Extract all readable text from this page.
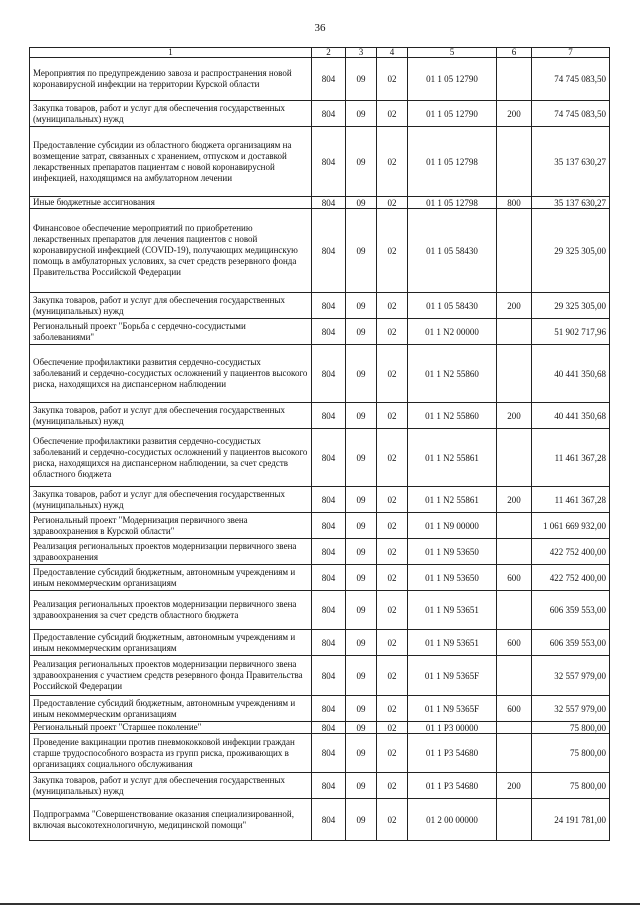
36
1	2	3	4	5	6	7
Мероприятия по предупреждению завоза и распространения новой коронавирусной инфекции на территории Курской области	804	09	02	01 1 05 12790		74 745 083,50
Закупка товаров, работ и услуг для обеспечения государственных (муниципальных) нужд	804	09	02	01 1 05 12790	200	74 745 083,50
Предоставление субсидии из областного бюджета организациям на возмещение затрат, связанных с хранением, отпуском и доставкой лекарственных препаратов пациентам с новой коронавирусной инфекцией, находящимся на амбулаторном лечении	804	09	02	01 1 05 12798		35 137 630,27
Иные бюджетные ассигнования	804	09	02	01 1 05 12798	800	35 137 630,27
Финансовое обеспечение мероприятий по приобретению лекарственных препаратов для лечения пациентов с новой коронавирусной инфекцией (COVID-19), получающих медицинскую помощь в амбулаторных условиях, за счет средств резервного фонда Правительства Российской Федерации	804	09	02	01 1 05 58430		29 325 305,00
Закупка товаров, работ и услуг для обеспечения государственных (муниципальных) нужд	804	09	02	01 1 05 58430	200	29 325 305,00
Региональный проект "Борьба с сердечно-сосудистыми заболеваниями"	804	09	02	01 1 N2 00000		51 902 717,96
Обеспечение профилактики развития сердечно-сосудистых заболеваний и сердечно-сосудистых осложнений у пациентов высокого риска, находящихся на диспансерном наблюдении	804	09	02	01 1 N2 55860		40 441 350,68
Закупка товаров, работ и услуг для обеспечения государственных (муниципальных) нужд	804	09	02	01 1 N2 55860	200	40 441 350,68
Обеспечение профилактики развития сердечно-сосудистых заболеваний и сердечно-сосудистых осложнений у пациентов высокого риска, находящихся на диспансерном наблюдении, за счет средств областного бюджета	804	09	02	01 1 N2 55861		11 461 367,28
Закупка товаров, работ и услуг для обеспечения государственных (муниципальных) нужд	804	09	02	01 1 N2 55861	200	11 461 367,28
Региональный проект "Модернизация первичного звена здравоохранения в Курской области"	804	09	02	01 1 N9 00000		1 061 669 932,00
Реализация региональных проектов модернизации первичного звена здравоохранения	804	09	02	01 1 N9 53650		422 752 400,00
Предоставление субсидий бюджетным, автономным учреждениям и иным некоммерческим организациям	804	09	02	01 1 N9 53650	600	422 752 400,00
Реализация региональных проектов модернизации первичного звена здравоохранения за счет средств областного бюджета	804	09	02	01 1 N9 53651		606 359 553,00
Предоставление субсидий бюджетным, автономным учреждениям и иным некоммерческим организациям	804	09	02	01 1 N9 53651	600	606 359 553,00
Реализация региональных проектов модернизации первичного звена здравоохранения с участием средств резервного фонда Правительства Российской Федерации	804	09	02	01 1 N9 5365F		32 557 979,00
Предоставление субсидий бюджетным, автономным учреждениям и иным некоммерческим организациям	804	09	02	01 1 N9 5365F	600	32 557 979,00
Региональный проект "Старшее поколение"	804	09	02	01 1 P3 00000		75 800,00
Проведение вакцинации против пневмококковой инфекции граждан старше трудоспособного возраста из групп риска, проживающих в организациях социального обслуживания	804	09	02	01 1 P3 54680		75 800,00
Закупка товаров, работ и услуг для обеспечения государственных (муниципальных) нужд	804	09	02	01 1 P3 54680	200	75 800,00
Подпрограмма "Совершенствование оказания специализированной, включая высокотехнологичную, медицинской помощи"	804	09	02	01 2 00 00000		24 191 781,00
